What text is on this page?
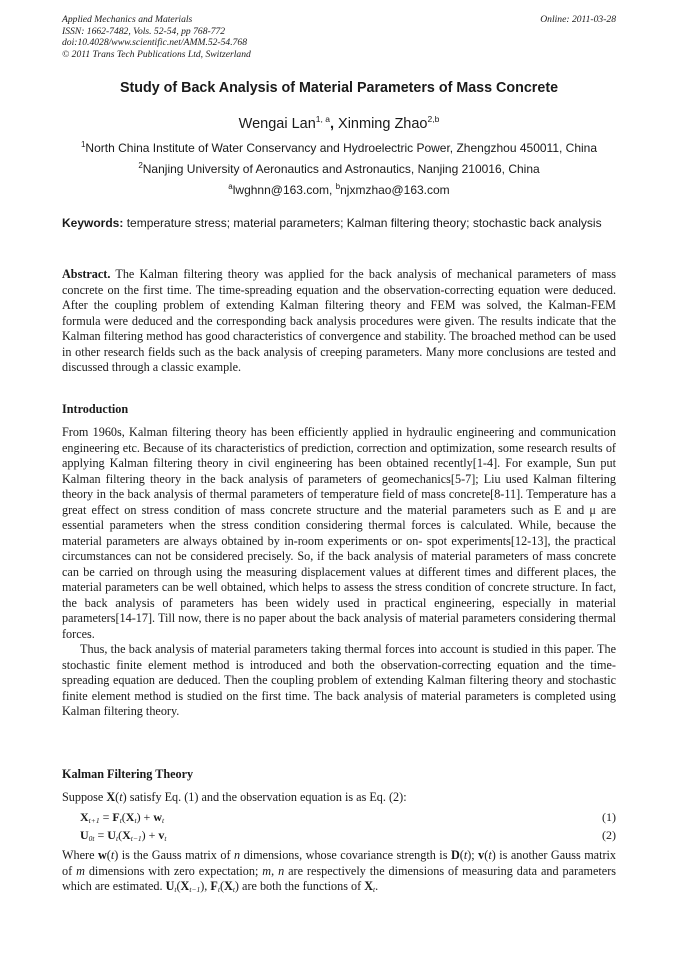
Applied Mechanics and Materials
ISSN: 1662-7482, Vols. 52-54, pp 768-772
doi:10.4028/www.scientific.net/AMM.52-54.768
© 2011 Trans Tech Publications Ltd, Switzerland
Online: 2011-03-28
Study of Back Analysis of Material Parameters of Mass Concrete
Wengai Lan$^{1, a}$, Xinming Zhao$^{2,b}$
$^1$North China Institute of Water Conservancy and Hydroelectric Power, Zhengzhou 450011, China
$^2$Nanjing University of Aeronautics and Astronautics, Nanjing 210016, China
$^a$lwghnn@163.com, $^b$njxmzhao@163.com
Keywords: temperature stress; material parameters; Kalman filtering theory; stochastic back analysis

Abstract. The Kalman filtering theory was applied for the back analysis of mechanical parameters of mass concrete on the first time. The time-spreading equation and the observation-correcting equation were deduced. After the coupling problem of extending Kalman filtering theory and FEM was solved, the Kalman-FEM formula were deduced and the corresponding back analysis procedures were given. The results indicate that the Kalman filtering method has good characteristics of convergence and stability. The broached method can be used in other research fields such as the back analysis of creeping parameters. Many more conclusions are tested and discussed through a classic example.

Introduction

From 1960s, Kalman filtering theory has been efficiently applied in hydraulic engineering and communication engineering etc. Because of its characteristics of prediction, correction and optimization, some research results of applying Kalman filtering theory in civil engineering has been obtained recently[1-4]. For example, Sun put Kalman filtering theory in the back analysis of parameters of geomechanics[5-7]; Liu used Kalman filtering theory in the back analysis of thermal parameters of temperature field of mass concrete[8-11]. Temperature has a great effect on stress condition of mass concrete structure and the material parameters such as E and μ are essential parameters when the stress condition considering thermal forces is calculated. While, because the material parameters are always obtained by in-room experiments or on- spot experiments[12-13], the practical circumstances can not be considered precisely. So, if the back analysis of material parameters of mass concrete can be carried on through using the measuring displacement values at different times and different places, the material parameters can be well obtained, which helps to assess the stress condition of concrete structure. In fact, the back analysis of parameters has been widely used in practical engineering, especially in material parameters[14-17]. Till now, there is no paper about the back analysis of material parameters considering thermal forces.

Thus, the back analysis of material parameters taking thermal forces into account is studied in this paper. The stochastic finite element method is introduced and both the observation-correcting equation and the time-spreading equation are deduced. Then the coupling problem of extending Kalman filtering theory and stochastic finite element method is studied on the first time. The back analysis of material parameters is completed using Kalman filtering theory.

Kalman Filtering Theory

Suppose X(t) satisfy Eq. (1) and the observation equation is as Eq. (2):

$X_{t+1} = F_t(X_t) + w_t$	(1)
$U_{0t} = U_t(X_{t-1}) + v_t$	(2)

Where w(t) is the Gauss matrix of n dimensions, whose covariance strength is D(t); v(t) is another Gauss matrix of m dimensions with zero expectation; m, n are respectively the dimensions of measuring data and parameters which are estimated. $U_t(X_{t-1})$, $F_t(X_t)$ are both the functions of $X_t$.
